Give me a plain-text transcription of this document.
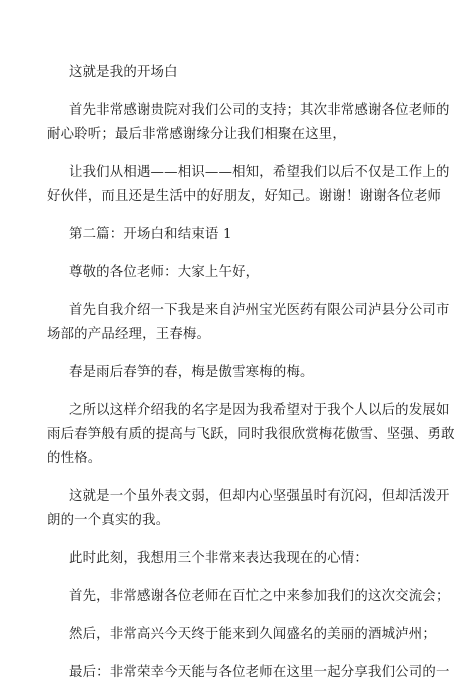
这就是我的开场白
首先非常感谢贵院对我们公司的支持；其次非常感谢各位老师的
耐心聆听；最后非常感谢缘分让我们相聚在这里，
让我们从相遇——相识——相知，希望我们以后不仅是工作上的
好伙伴，而且还是生活中的好朋友，好知己。谢谢！谢谢各位老师
第二篇：开场白和结束语 1
尊敬的各位老师：大家上午好，
首先自我介绍一下我是来自泸州宝光医药有限公司泸县分公司市
场部的产品经理，王春梅。
春是雨后春笋的春，梅是傲雪寒梅的梅。
之所以这样介绍我的名字是因为我希望对于我个人以后的发展如
雨后春笋般有质的提高与飞跃，同时我很欣赏梅花傲雪、坚强、勇敢
的性格。
这就是一个虽外表文弱，但却内心坚强虽时有沉闷，但却活泼开
朗的一个真实的我。
此时此刻，我想用三个非常来表达我现在的心情：
首先，非常感谢各位老师在百忙之中来参加我们的这次交流会；
然后，非常高兴今天终于能来到久闻盛名的美丽的酒城泸州；
最后：非常荣幸今天能与各位老师在这里一起分享我们公司的一
